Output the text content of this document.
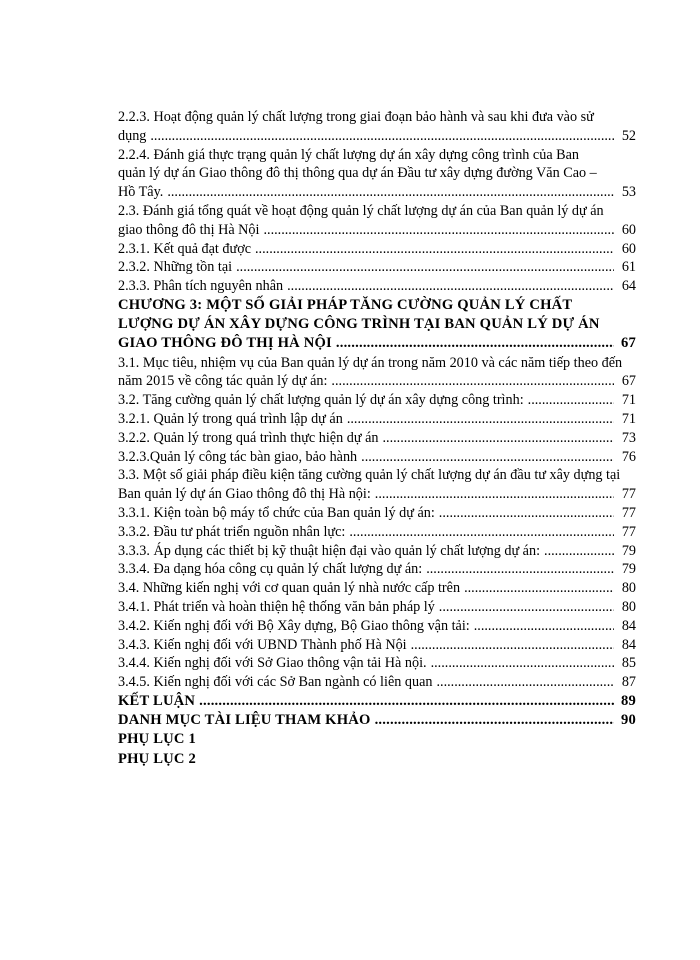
2.2.3. Hoạt động quản lý chất lượng trong giai đoạn bảo hành và sau khi đưa vào sử
dụng .....	52
2.2.4. Đánh giá thực trạng quản lý chất lượng dự án xây dựng công trình của Ban
quản lý dự án Giao thông đô thị thông qua dự án Đầu tư xây dựng đường Văn Cao –
Hồ Tây. .....	53
2.3. Đánh giá tổng quát về hoạt động quản lý chất lượng dự án của Ban quản lý dự án
giao thông đô thị Hà Nội .....	60
2.3.1. Kết quả đạt được .....	60
2.3.2. Những tồn tại .....	61
2.3.3. Phân tích nguyên nhân .....	64
CHƯƠNG 3: MỘT SỐ GIẢI PHÁP TĂNG CƯỜNG QUẢN LÝ CHẤT
LƯỢNG DỰ ÁN XÂY DỰNG CÔNG TRÌNH TẠI BAN QUẢN LÝ DỰ ÁN
GIAO THÔNG ĐÔ THỊ HÀ NỘI .....	67
3.1. Mục tiêu, nhiệm vụ của Ban quản lý dự án trong năm 2010 và các năm tiếp theo đến
năm 2015 về công tác quản lý dự án: .....	67
3.2. Tăng cường quản lý chất lượng quản lý dự án xây dựng công trình: .....	71
3.2.1. Quản lý trong quá trình lập dự án .....	71
3.2.2. Quản lý trong quá trình thực hiện dự án .....	73
3.2.3.Quản lý công tác bàn giao, bảo hành .....	76
3.3. Một số giải pháp điều kiện tăng cường quản lý chất lượng dự án đầu tư xây dựng tại
Ban quản lý dự án Giao thông đô thị Hà nội: .....	77
3.3.1. Kiện toàn bộ máy tổ chức của Ban quản lý dự án: .....	77
3.3.2. Đầu tư phát triển nguồn nhân lực: .....	77
3.3.3. Áp dụng các thiết bị kỹ thuật hiện đại vào quản lý chất lượng dự án: .....	79
3.3.4. Đa dạng hóa công cụ quản lý chất lượng dự án: .....	79
3.4. Những kiến nghị với cơ quan quản lý nhà nước cấp trên .....	80
3.4.1. Phát triển và hoàn thiện hệ thống văn bản pháp lý .....	80
3.4.2. Kiến nghị đối với Bộ Xây dựng, Bộ Giao thông vận tải: .....	84
3.4.3. Kiến nghị đối với UBND Thành phố Hà Nội .....	84
3.4.4. Kiến nghị đối với Sở Giao thông vận tải Hà nội. .....	85
3.4.5. Kiến nghị đối với các Sở Ban ngành có liên quan .....	87
KẾT LUẬN .....	89
DANH MỤC TÀI LIỆU THAM KHẢO .....	90
PHỤ LỤC 1
PHỤ LỤC 2
